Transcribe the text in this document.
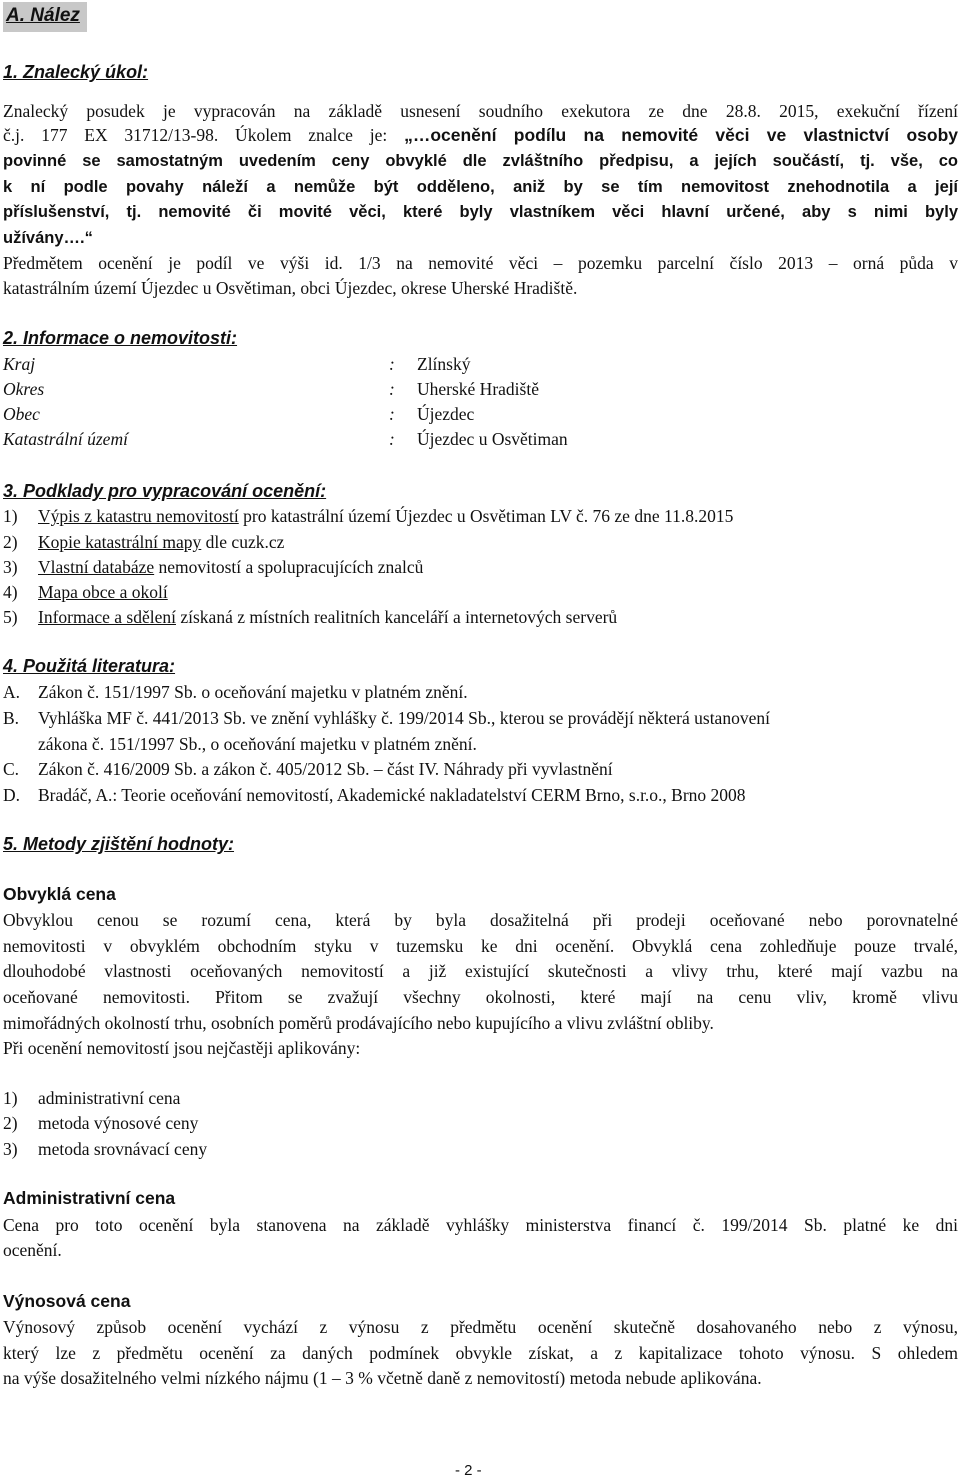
A. Nález
1. Znalecký úkol:
Znalecký posudek je vypracován na základě usnesení soudního exekutora ze dne 28.8. 2015, exekuční řízení
č.j. 177 EX 31712/13-98. Úkolem znalce je: „…ocenění podílu na nemovité věci ve vlastnictví osoby
povinné se samostatným uvedením ceny obvyklé dle zvláštního předpisu, a jejích součástí, tj. vše, co
k ní podle povahy náleží a nemůže být odděleno, aniž by se tím nemovitost znehodnotila a její
příslušenství, tj. nemovité či movité věci, které byly vlastníkem věci hlavní určené, aby s nimi byly
užívány….“
Předmětem ocenění je podíl ve výši id. 1/3 na nemovité věci – pozemku parcelní číslo 2013 – orná půda v
katastrálním území Újezdec u Osvětiman, obci Újezdec, okrese Uherské Hradiště.
2. Informace o nemovitosti:
Kraj	: Zlínský
Okres	: Uherské Hradiště
Obec	: Újezdec
Katastrální území	: Újezdec u Osvětiman
3. Podklady pro vypracování ocenění:
1) Výpis z katastru nemovitostí pro katastrální území Újezdec u Osvětiman LV č. 76 ze dne 11.8.2015
2) Kopie katastrální mapy dle cuzk.cz
3) Vlastní databáze nemovitostí a spolupracujících znalců
4) Mapa obce a okolí
5) Informace a sdělení získaná z místních realitních kanceláří a internetových serverů
4. Použitá literatura:
A. Zákon č. 151/1997 Sb. o oceňování majetku v platném znění.
B. Vyhláška MF č. 441/2013 Sb. ve znění vyhlášky č. 199/2014 Sb., kterou se provádějí některá ustanovení
zákona č. 151/1997 Sb., o oceňování majetku v platném znění.
C. Zákon č. 416/2009 Sb. a zákon č. 405/2012 Sb. – část IV. Náhrady při vyvlastnění
D. Bradáč, A.: Teorie oceňování nemovitostí, Akademické nakladatelství CERM Brno, s.r.o., Brno 2008
5. Metody zjištění hodnoty:
Obvyklá cena
Obvyklou cenou se rozumí cena, která by byla dosažitelná při prodeji oceňované nebo porovnatelné
nemovitosti v obvyklém obchodním styku v tuzemsku ke dni ocenění. Obvyklá cena zohledňuje pouze trvalé,
dlouhodobé vlastnosti oceňovaných nemovitostí a již existující skutečnosti a vlivy trhu, které mají vazbu na
oceňované nemovitosti. Přitom se zvažují všechny okolnosti, které mají na cenu vliv, kromě vlivu
mimořádných okolností trhu, osobních poměrů prodávajícího nebo kupujícího a vlivu zvláštní obliby.
Při ocenění nemovitostí jsou nejčastěji aplikovány:
1) administrativní cena
2) metoda výnosové ceny
3) metoda srovnávací ceny
Administrativní cena
Cena pro toto ocenění byla stanovena na základě vyhlášky ministerstva financí č. 199/2014 Sb. platné ke dni
ocenění.
Výnosová cena
Výnosový způsob ocenění vychází z výnosu z předmětu ocenění skutečně dosahovaného nebo z výnosu,
který lze z předmětu ocenění za daných podmínek obvykle získat, a z kapitalizace tohoto výnosu. S ohledem
na výše dosažitelného velmi nízkého nájmu (1 – 3 % včetně daně z nemovitostí) metoda nebude aplikována.
- 2 -
